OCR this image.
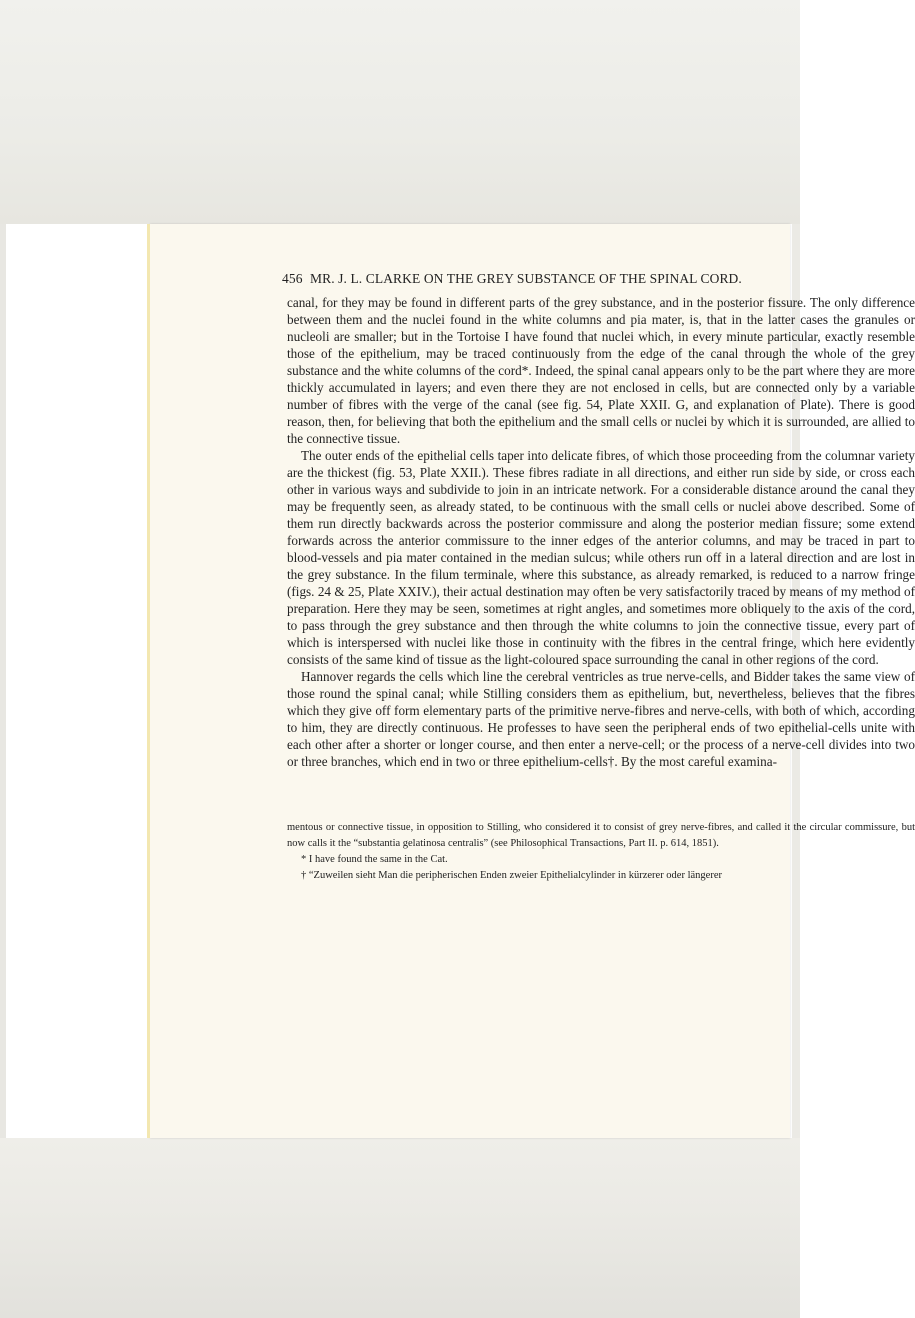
456 MR. J. L. CLARKE ON THE GREY SUBSTANCE OF THE SPINAL CORD.

canal, for they may be found in different parts of the grey substance, and in the posterior fissure. The only difference between them and the nuclei found in the white columns and pia mater, is, that in the latter cases the granules or nucleoli are smaller; but in the Tortoise I have found that nuclei which, in every minute particular, exactly resemble those of the epithelium, may be traced continuously from the edge of the canal through the whole of the grey substance and the white columns of the cord*. Indeed, the spinal canal appears only to be the part where they are more thickly accumulated in layers; and even there they are not enclosed in cells, but are connected only by a variable number of fibres with the verge of the canal (see fig. 54, Plate XXII. G, and explanation of Plate). There is good reason, then, for believing that both the epithelium and the small cells or nuclei by which it is surrounded, are allied to the connective tissue.

The outer ends of the epithelial cells taper into delicate fibres, of which those proceeding from the columnar variety are the thickest (fig. 53, Plate XXII.). These fibres radiate in all directions, and either run side by side, or cross each other in various ways and subdivide to join in an intricate network. For a considerable distance around the canal they may be frequently seen, as already stated, to be continuous with the small cells or nuclei above described. Some of them run directly backwards across the posterior commissure and along the posterior median fissure; some extend forwards across the anterior commissure to the inner edges of the anterior columns, and may be traced in part to blood-vessels and pia mater contained in the median sulcus; while others run off in a lateral direction and are lost in the grey substance. In the filum terminale, where this substance, as already remarked, is reduced to a narrow fringe (figs. 24 & 25, Plate XXIV.), their actual destination may often be very satisfactorily traced by means of my method of preparation. Here they may be seen, sometimes at right angles, and sometimes more obliquely to the axis of the cord, to pass through the grey substance and then through the white columns to join the connective tissue, every part of which is interspersed with nuclei like those in continuity with the fibres in the central fringe, which here evidently consists of the same kind of tissue as the light-coloured space surrounding the canal in other regions of the cord.

Hannover regards the cells which line the cerebral ventricles as true nerve-cells, and Bidder takes the same view of those round the spinal canal; while Stilling considers them as epithelium, but, nevertheless, believes that the fibres which they give off form elementary parts of the primitive nerve-fibres and nerve-cells, with both of which, according to him, they are directly continuous. He professes to have seen the peripheral ends of two epithelial-cells unite with each other after a shorter or longer course, and then enter a nerve-cell; or the process of a nerve-cell divides into two or three branches, which end in two or three epithelium-cells†. By the most careful examina-

mentous or connective tissue, in opposition to Stilling, who considered it to consist of grey nerve-fibres, and called it the circular commissure, but now calls it the “substantia gelatinosa centralis” (see Philosophical Transactions, Part II. p. 614, 1851).

* I have found the same in the Cat.

† “Zuweilen sieht Man die peripherischen Enden zweier Epithelialcylinder in kürzerer oder längerer
